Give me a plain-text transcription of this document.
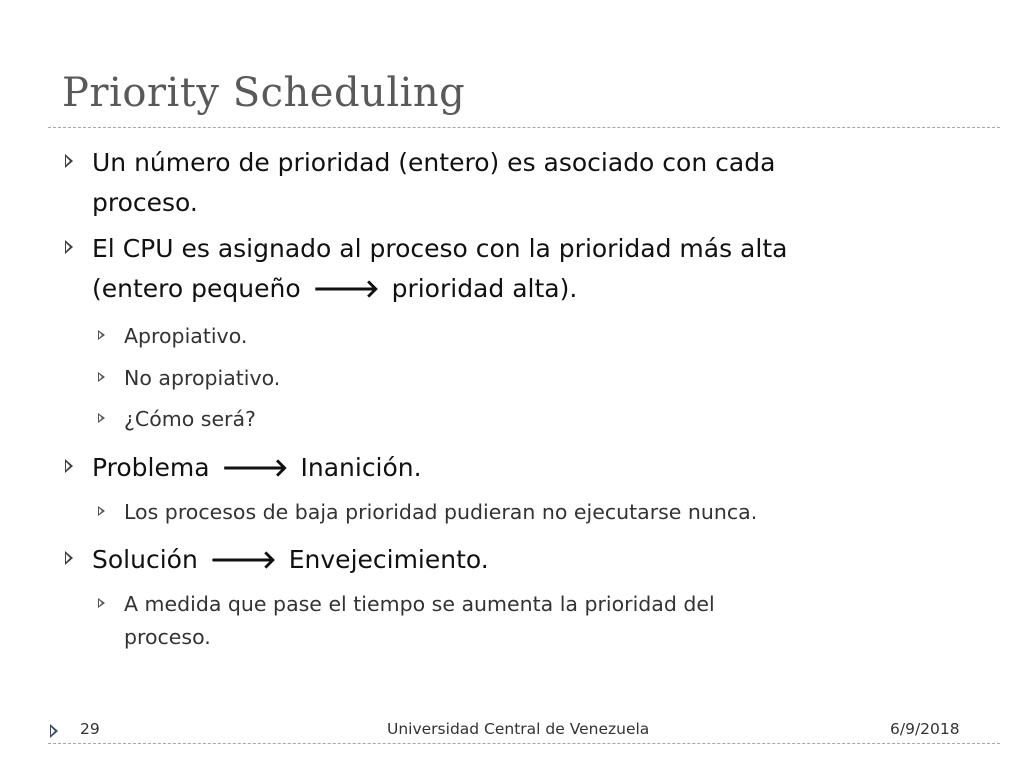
Priority Scheduling
Un número de prioridad (entero) es asociado con cada
proceso.
El CPU es asignado al proceso con la prioridad más alta
(entero pequeño 🡒 prioridad alta).
Apropiativo.
No apropiativo.
¿Cómo será?
Problema 🡒 Inanición.
Los procesos de baja prioridad pudieran no ejecutarse nunca.
Solución 🡒 Envejecimiento.
A medida que pase el tiempo se aumenta la prioridad del
proceso.
29	Universidad Central de Venezuela	6/9/2018
